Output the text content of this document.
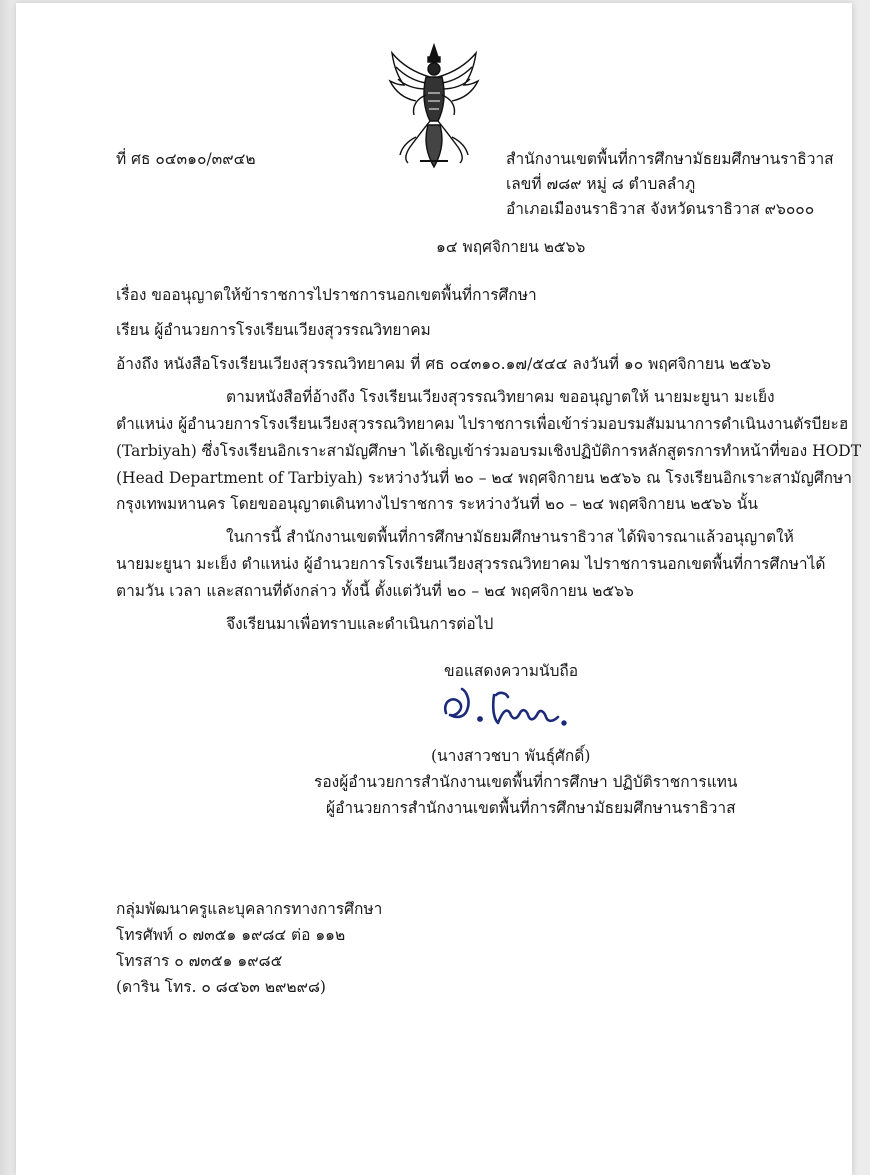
ที่ ศธ ๐๔๓๑๐/๓๙๔๒	สำนักงานเขตพื้นที่การศึกษามัธยมศึกษานราธิวาส
เลขที่ ๗๘๙ หมู่ ๘ ตำบลลำภู
อำเภอเมืองนราธิวาส จังหวัดนราธิวาส ๙๖๐๐๐
๑๔ พฤศจิกายน ๒๕๖๖
เรื่อง ขออนุญาตให้ข้าราชการไปราชการนอกเขตพื้นที่การศึกษา
เรียน ผู้อำนวยการโรงเรียนเวียงสุวรรณวิทยาคม
อ้างถึง หนังสือโรงเรียนเวียงสุวรรณวิทยาคม ที่ ศธ ๐๔๓๑๐.๑๗/๕๔๔ ลงวันที่ ๑๐ พฤศจิกายน ๒๕๖๖
ตามหนังสือที่อ้างถึง โรงเรียนเวียงสุวรรณวิทยาคม ขออนุญาตให้ นายมะยูนา มะเย็ง
ตำแหน่ง ผู้อำนวยการโรงเรียนเวียงสุวรรณวิทยาคม ไปราชการเพื่อเข้าร่วมอบรมสัมมนาการดำเนินงานตัรบียะฮ
(Tarbiyah) ซึ่งโรงเรียนอิกเราะสามัญศึกษา ได้เชิญเข้าร่วมอบรมเชิงปฏิบัติการหลักสูตรการทำหน้าที่ของ HODT
(Head Department of Tarbiyah) ระหว่างวันที่ ๒๐ – ๒๔ พฤศจิกายน ๒๕๖๖ ณ โรงเรียนอิกเราะสามัญศึกษา
กรุงเทพมหานคร โดยขออนุญาตเดินทางไปราชการ ระหว่างวันที่ ๒๐ – ๒๔ พฤศจิกายน ๒๕๖๖ นั้น
ในการนี้ สำนักงานเขตพื้นที่การศึกษามัธยมศึกษานราธิวาส ได้พิจารณาแล้วอนุญาตให้
นายมะยูนา มะเย็ง ตำแหน่ง ผู้อำนวยการโรงเรียนเวียงสุวรรณวิทยาคม ไปราชการนอกเขตพื้นที่การศึกษาได้
ตามวัน เวลา และสถานที่ดังกล่าว ทั้งนี้ ตั้งแต่วันที่ ๒๐ – ๒๔ พฤศจิกายน ๒๕๖๖
จึงเรียนมาเพื่อทราบและดำเนินการต่อไป
ขอแสดงความนับถือ
(นางสาวชบา พันธุ์ศักดิ์)
รองผู้อำนวยการสำนักงานเขตพื้นที่การศึกษา ปฏิบัติราชการแทน
ผู้อำนวยการสำนักงานเขตพื้นที่การศึกษามัธยมศึกษานราธิวาส
กลุ่มพัฒนาครูและบุคลากรทางการศึกษา
โทรศัพท์ ๐ ๗๓๕๑ ๑๙๘๔ ต่อ ๑๑๒
โทรสาร ๐ ๗๓๕๑ ๑๙๘๕
(ดาริน โทร. ๐ ๘๔๖๓ ๒๙๒๙๘)
